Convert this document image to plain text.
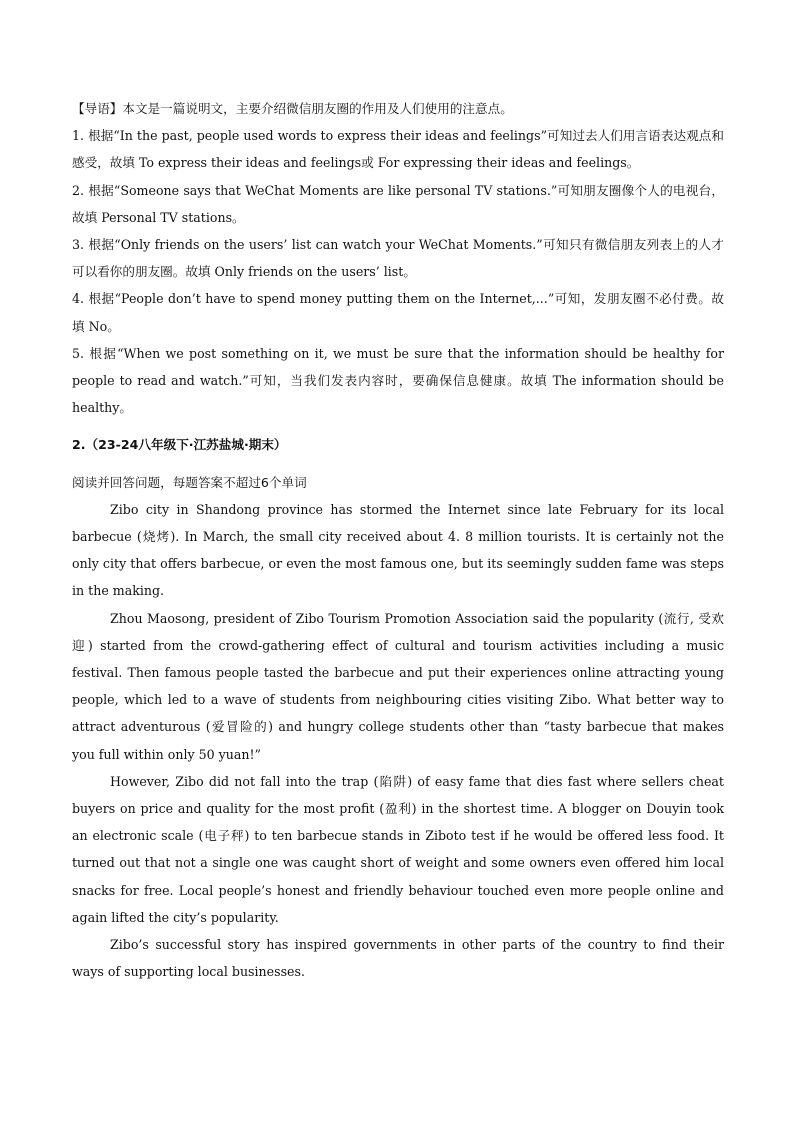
【导语】本文是一篇说明文，主要介绍微信朋友圈的作用及人们使用的注意点。

1. 根据“In the past, people used words to express their ideas and feelings”可知过去人们用言语表达观点和感受，故填 To express their ideas and feelings或 For expressing their ideas and feelings。

2. 根据“Someone says that WeChat Moments are like personal TV stations.”可知朋友圈像个人的电视台，故填 Personal TV stations。

3. 根据“Only friends on the users’ list can watch your WeChat Moments.”可知只有微信朋友列表上的人才可以看你的朋友圈。故填 Only friends on the users’ list。

4. 根据“People don’t have to spend money putting them on the Internet,...”可知，发朋友圈不必付费。故填 No。

5. 根据“When we post something on it, we must be sure that the information should be healthy for people to read and watch.”可知，当我们发表内容时，要确保信息健康。故填 The information should be healthy。

2.（23-24八年级下·江苏盐城·期末）
阅读并回答问题，每题答案不超过6个单词

Zibo city in Shandong province has stormed the Internet since late February for its local barbecue (烧烤). In March, the small city received about 4. 8 million tourists. It is certainly not the only city that offers barbecue, or even the most famous one, but its seemingly sudden fame was steps in the making.

Zhou Maosong, president of Zibo Tourism Promotion Association said the popularity (流行, 受欢迎) started from the crowd-gathering effect of cultural and tourism activities including a music festival. Then famous people tasted the barbecue and put their experiences online attracting young people, which led to a wave of students from neighbouring cities visiting Zibo. What better way to attract adventurous (爱冒险的) and hungry college students other than “tasty barbecue that makes you full within only 50 yuan!”

However, Zibo did not fall into the trap (陷阱) of easy fame that dies fast where sellers cheat buyers on price and quality for the most profit (盈利) in the shortest time. A blogger on Douyin took an electronic scale (电子秤) to ten barbecue stands in Ziboto test if he would be offered less food. It turned out that not a single one was caught short of weight and some owners even offered him local snacks for free. Local people’s honest and friendly behaviour touched even more people online and again lifted the city’s popularity.

Zibo’s successful story has inspired governments in other parts of the country to find their ways of supporting local businesses.
